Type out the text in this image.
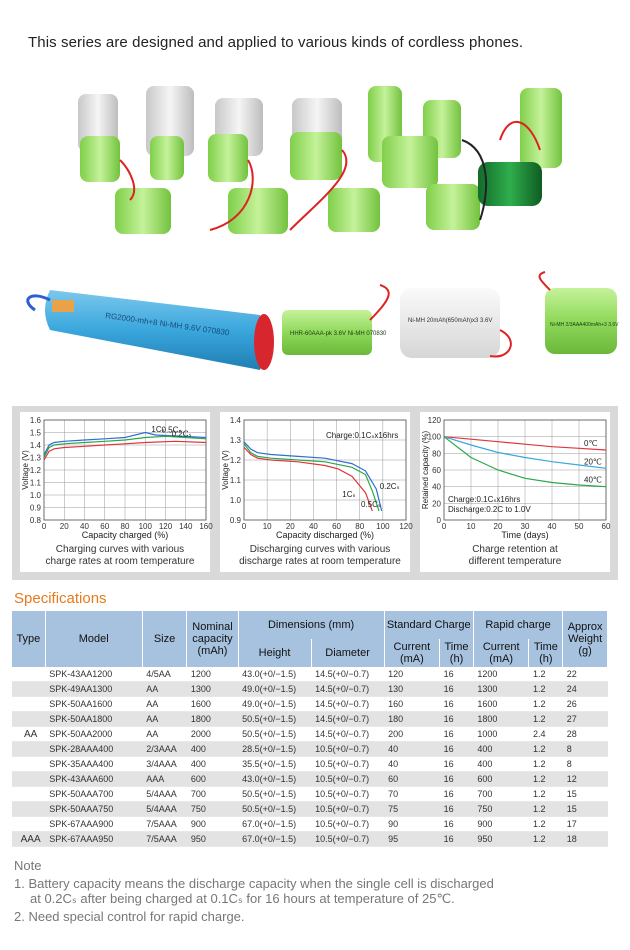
This series are designed and applied to various kinds of cordless phones.
RG2000-mh+8 Ni-MH 9.6V 070830	HHR-60AAA-pk 3.6V Ni-MH 070830
Ni-MH 20mAh(650mAh)x3 3.6V
Ni-MH 2/3AAA400mAh+3 3.6V
0.8
0.9
1.0
1.1
1.2
1.3
1.4
1.5
1.6
0 20 40 60 80 100 120 140 160
Capacity charged (%)
Voltage (V)
1Cₛ
0.5Cₛ
0.2Cₛ
0.9
1.0
1.1
1.2
1.3
1.4
0 10 20 40 60 80 100 120
Capacity discharged (%)
Voltage (V)
1Cₛ
0.2Cₛ
0.5Cₛ
Charge:0.1Cₛx16hrs
0
20
40
60
80
100
120
0	10 20 30 40 50 60
Time (days)
Retained capacity (%)	0℃
20℃
40℃
Charge:0.1Cₛx16hrs
Discharge:0.2C to 1.0V
Charging curves with various
charge rates at room temperature
Discharging curves with various
discharge rates at room temperature
Charge retention at
different temperature
Specifications
Type	Model	Size	Nominal capacity (mAh)	Dimensions (mm)		Standard Charge		Rapid charge		Approx Weight (g)
				Height	Diameter	Current (mA)	Time (h)	Current (mA)	Time (h)	
	SPK-43AA1200	4/5AA	1200	43.0(+0/−1.5)	14.5(+0/−0.7)	120	16	1200	1.2	22
	SPK-49AA1300	AA	1300	49.0(+0/−1.5)	14.5(+0/−0.7)	130	16	1300	1.2	24
	SPK-50AA1600	AA	1600	49.0(+0/−1.5)	14.5(+0/−0.7)	160	16	1600	1.2	26
	SPK-50AA1800	AA	1800	50.5(+0/−1.5)	14.5(+0/−0.7)	180	16	1800	1.2	27
AA	SPK-50AA2000	AA	2000	50.5(+0/−1.5)	14.5(+0/−0.7)	200	16	1000	2.4	28
	SPK-28AAA400	2/3AAA	400	28.5(+0/−1.5)	10.5(+0/−0.7)	40	16	400	1.2	8
	SPK-35AAA400	3/4AAA	400	35.5(+0/−1.5)	10.5(+0/−0.7)	40	16	400	1.2	8
	SPK-43AAA600	AAA	600	43.0(+0/−1.5)	10.5(+0/−0.7)	60	16	600	1.2	12
	SPK-50AAA700	5/4AAA	700	50.5(+0/−1.5)	10.5(+0/−0.7)	70	16	700	1.2	15
	SPK-50AAA750	5/4AAA	750	50.5(+0/−1.5)	10.5(+0/−0.7)	75	16	750	1.2	15
	SPK-67AAA900	7/5AAA	900	67.0(+0/−1.5)	10.5(+0/−0.7)	90	16	900	1.2	17
AAA	SPK-67AAA950	7/5AAA	950	67.0(+0/−1.5)	10.5(+0/−0.7)	95	16	950	1.2	18
Note
1. Battery capacity means the discharge capacity when the single cell is discharged
at 0.2Cₛ after being charged at 0.1Cₛ for 16 hours at temperature of 25℃.
2. Need special control for rapid charge.
